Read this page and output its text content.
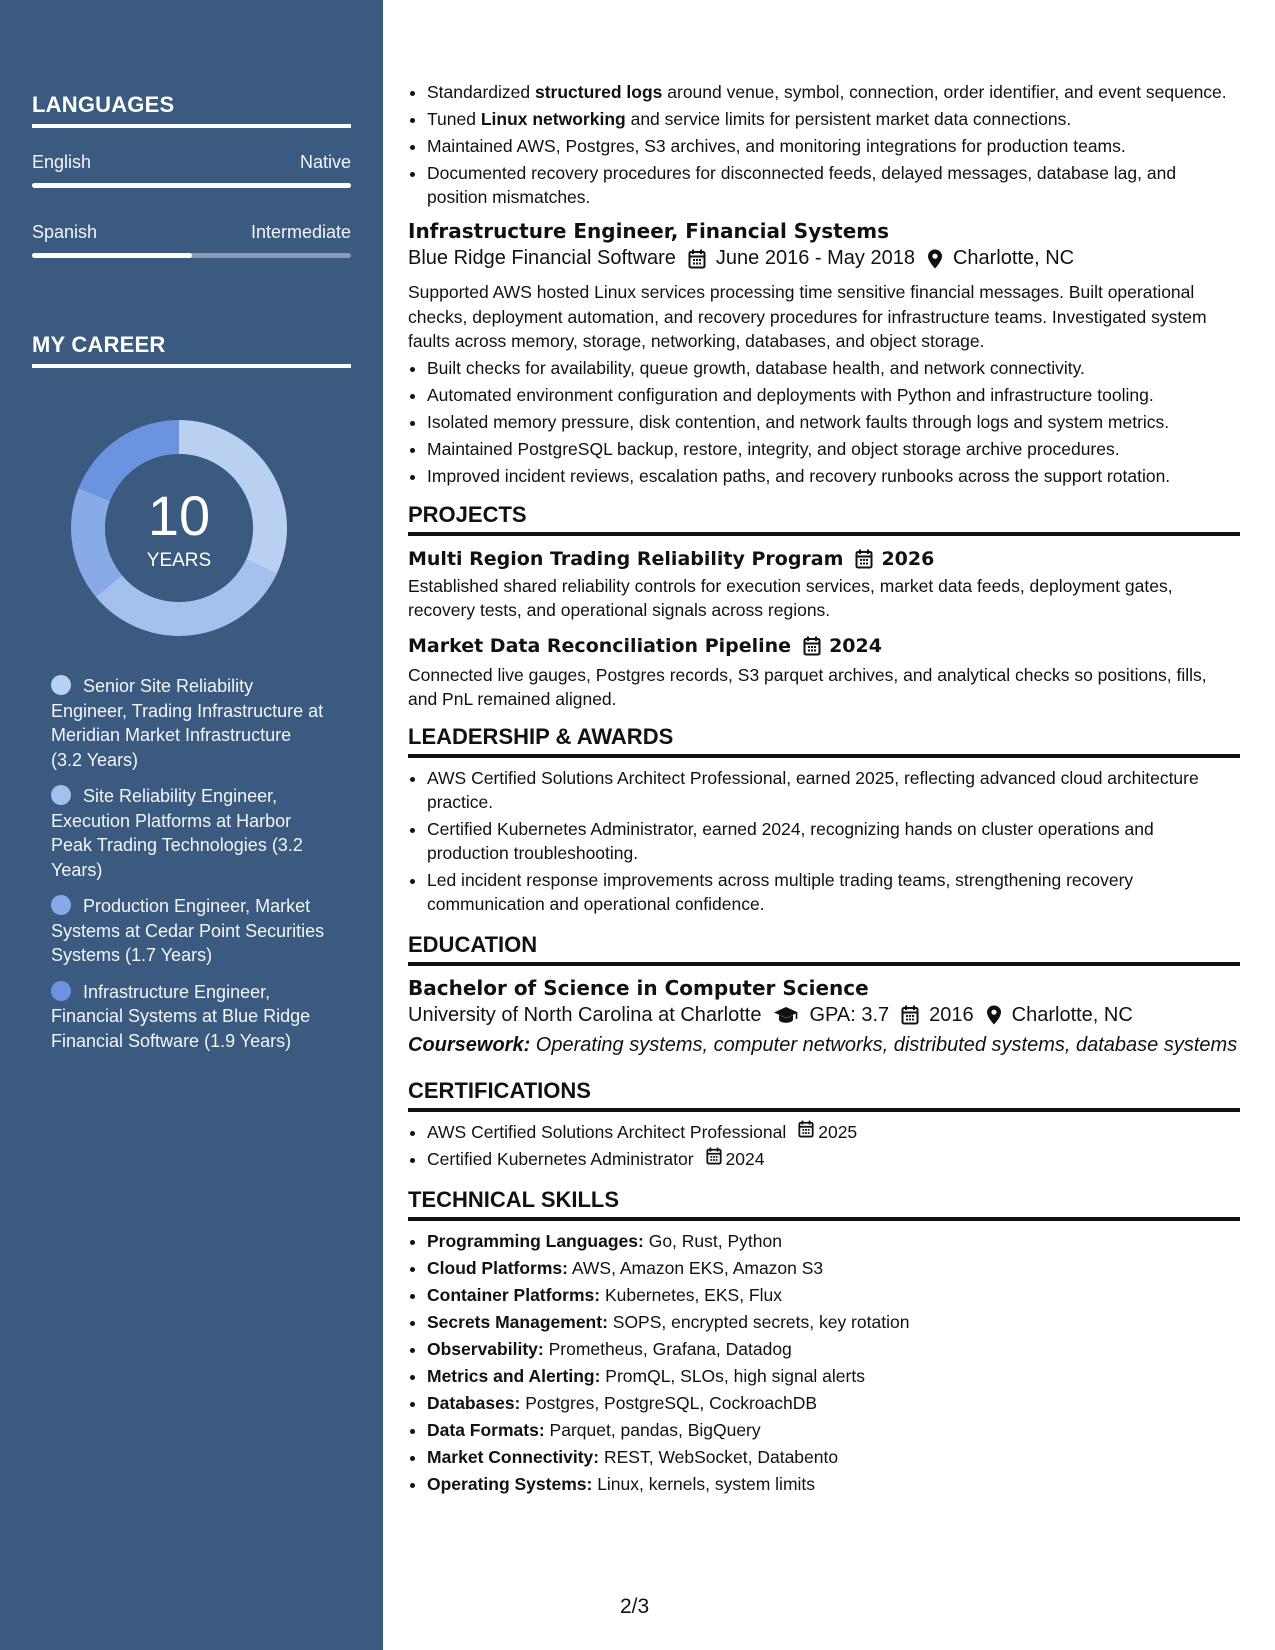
LANGUAGES
English	Native
Spanish	Intermediate
MY CAREER
10
YEARS
Senior Site Reliability Engineer, Trading Infrastructure at Meridian Market Infrastructure (3.2 Years)
Site Reliability Engineer, Execution Platforms at Harbor Peak Trading Technologies (3.2 Years)
Production Engineer, Market Systems at Cedar Point Securities Systems (1.7 Years)
Infrastructure Engineer, Financial Systems at Blue Ridge Financial Software (1.9 Years)
• Standardized structured logs around venue, symbol, connection, order identifier, and event sequence.
• Tuned Linux networking and service limits for persistent market data connections.
• Maintained AWS, Postgres, S3 archives, and monitoring integrations for production teams.
• Documented recovery procedures for disconnected feeds, delayed messages, database lag, and position mismatches.
Infrastructure Engineer, Financial Systems
Blue Ridge Financial Software June 2016 - May 2018 Charlotte, NC
Supported AWS hosted Linux services processing time sensitive financial messages. Built operational checks, deployment automation, and recovery procedures for infrastructure teams. Investigated system faults across memory, storage, networking, databases, and object storage.
• Built checks for availability, queue growth, database health, and network connectivity.
• Automated environment configuration and deployments with Python and infrastructure tooling.
• Isolated memory pressure, disk contention, and network faults through logs and system metrics.
• Maintained PostgreSQL backup, restore, integrity, and object storage archive procedures.
• Improved incident reviews, escalation paths, and recovery runbooks across the support rotation.
PROJECTS
Multi Region Trading Reliability Program 2026
Established shared reliability controls for execution services, market data feeds, deployment gates, recovery tests, and operational signals across regions.
Market Data Reconciliation Pipeline 2024
Connected live gauges, Postgres records, S3 parquet archives, and analytical checks so positions, fills, and PnL remained aligned.
LEADERSHIP & AWARDS
• AWS Certified Solutions Architect Professional, earned 2025, reflecting advanced cloud architecture practice.
• Certified Kubernetes Administrator, earned 2024, recognizing hands on cluster operations and production troubleshooting.
• Led incident response improvements across multiple trading teams, strengthening recovery communication and operational confidence.
EDUCATION
Bachelor of Science in Computer Science
University of North Carolina at Charlotte GPA: 3.7 2016 Charlotte, NC
Coursework: Operating systems, computer networks, distributed systems, database systems
CERTIFICATIONS
• AWS Certified Solutions Architect Professional 2025
• Certified Kubernetes Administrator 2024
TECHNICAL SKILLS
• Programming Languages: Go, Rust, Python
• Cloud Platforms: AWS, Amazon EKS, Amazon S3
• Container Platforms: Kubernetes, EKS, Flux
• Secrets Management: SOPS, encrypted secrets, key rotation
• Observability: Prometheus, Grafana, Datadog
• Metrics and Alerting: PromQL, SLOs, high signal alerts
• Databases: Postgres, PostgreSQL, CockroachDB
• Data Formats: Parquet, pandas, BigQuery
• Market Connectivity: REST, WebSocket, Databento
• Operating Systems: Linux, kernels, system limits
2/3
